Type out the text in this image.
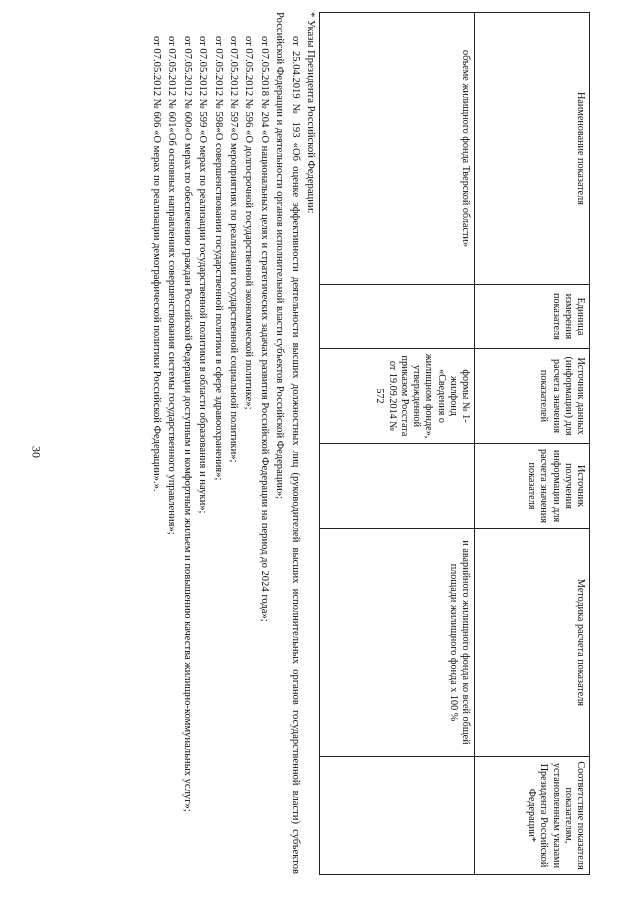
30
Наименование показателя	Единица измерения показателя	Источник данных (информации) для расчета значения показателей	Источник получения информации для расчета значения показателя	Методика расчета показателя	Соответствие показателя показателям, установленным указами Президента Российской Федерации*
объеме жилищного фонда Тверской области»		формы № 1-жилфонд «Сведения о жилищном фонде», утвержденной приказом Росстата от 19.09.2014 № 572		и аварийного жилищного фонда ко всей общей площади жилищного фонда х 100 %	

* Указы Президента Российской Федерации:

от 25.04.2019 № 193 «Об оценке эффективности деятельности высших должностных лиц (руководителей высших исполнительных органов государственной власти) субъектов Российской Федерации и деятельности органов исполнительной власти субъектов Российской Федерации»;

от 07.05.2018 № 204 «О национальных целях и стратегических задачах развития Российской Федерации на период до 2024 года»;

от 07.05.2012 № 596 «О долгосрочной государственной экономической политике»;

от 07.05.2012 № 597«О мероприятиях по реализации государственной социальной политики»;

от 07.05.2012 № 598«О совершенствовании государственной политики в сфере здравоохранения»;

от 07.05.2012 № 599 «О мерах по реализации государственной политики в области образования и науки»;

от 07.05.2012 № 600«О мерах по обеспечению граждан Российской Федерации доступным и комфортным жильем и повышению качества жилищно-коммунальных услуг»;

от 07.05.2012 № 601«Об основных направлениях совершенствования системы государственного управления»;

от 07.05.2012 № 606 «О мерах по реализации демографической политики Российской Федерации».».
